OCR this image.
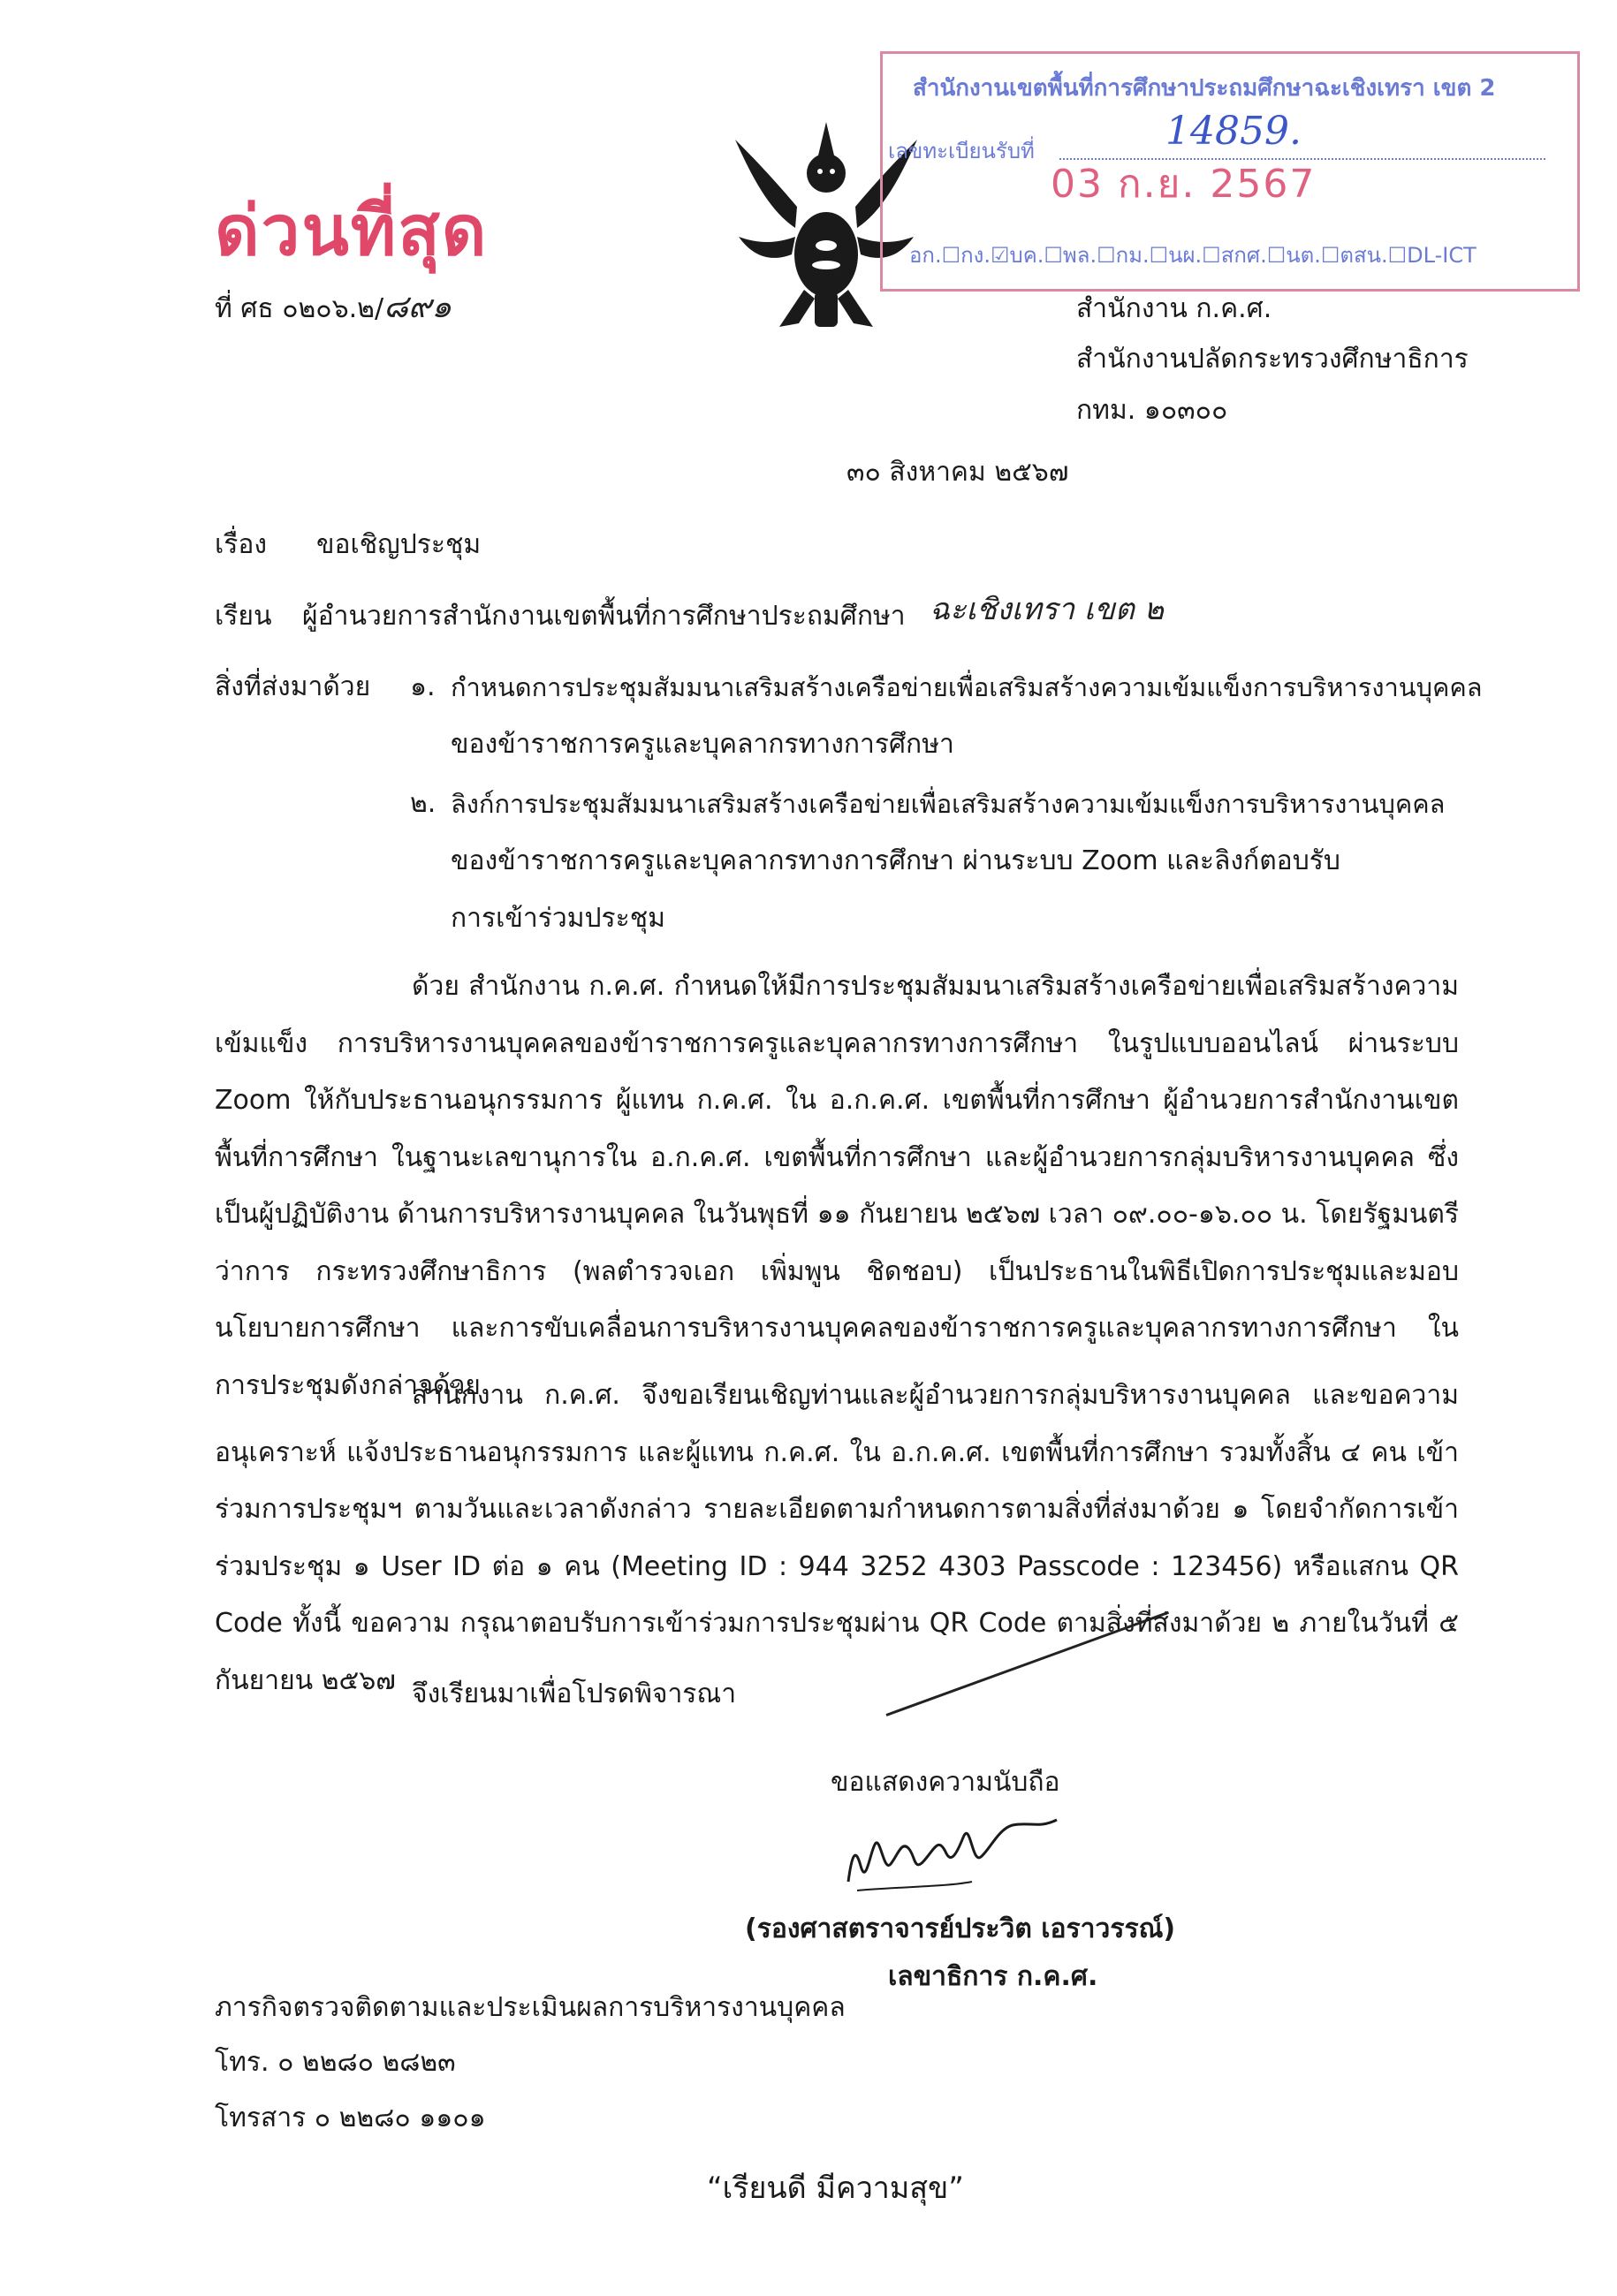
ด่วนที่สุด
ที่ ศธ ๐๒๐๖.๒/๘๙๑
สำนักงานเขตพื้นที่การศึกษาประถมศึกษาฉะเชิงเทรา เขต 2
เลขทะเบียนรับที่	14859.
03 ก.ย. 2567
อก.☐กง.☑บค.☐พล.☐กม.☐นผ.☐สกศ.☐นต.☐ตสน.☐DL-ICT
สำนักงาน ก.ค.ศ.
สำนักงานปลัดกระทรวงศึกษาธิการ
กทม. ๑๐๓๐๐
๓๐ สิงหาคม ๒๕๖๗
เรื่อง ขอเชิญประชุม
เรียน ผู้อำนวยการสำนักงานเขตพื้นที่การศึกษาประถมศึกษา ฉะเชิงเทรา เขต ๒
สิ่งที่ส่งมาด้วย ๑. กำหนดการประชุมสัมมนาเสริมสร้างเครือข่ายเพื่อเสริมสร้างความเข้มแข็งการบริหารงานบุคคล
ของข้าราชการครูและบุคลากรทางการศึกษา
๒. ลิงก์การประชุมสัมมนาเสริมสร้างเครือข่ายเพื่อเสริมสร้างความเข้มแข็งการบริหารงานบุคคล
ของข้าราชการครูและบุคลากรทางการศึกษา ผ่านระบบ Zoom และลิงก์ตอบรับ
การเข้าร่วมประชุม
ด้วย สำนักงาน ก.ค.ศ. กำหนดให้มีการประชุมสัมมนาเสริมสร้างเครือข่ายเพื่อเสริมสร้างความเข้มแข็ง การบริหารงานบุคคลของข้าราชการครูและบุคลากรทางการศึกษา ในรูปแบบออนไลน์ ผ่านระบบ Zoom ให้กับประธานอนุกรรมการ ผู้แทน ก.ค.ศ. ใน อ.ก.ค.ศ. เขตพื้นที่การศึกษา ผู้อำนวยการสำนักงานเขตพื้นที่การศึกษา ในฐานะเลขานุการใน อ.ก.ค.ศ. เขตพื้นที่การศึกษา และผู้อำนวยการกลุ่มบริหารงานบุคคล ซึ่งเป็นผู้ปฏิบัติงาน ด้านการบริหารงานบุคคล ในวันพุธที่ ๑๑ กันยายน ๒๕๖๗ เวลา ๐๙.๐๐-๑๖.๐๐ น. โดยรัฐมนตรีว่าการ กระทรวงศึกษาธิการ (พลตำรวจเอก เพิ่มพูน ชิดชอบ) เป็นประธานในพิธีเปิดการประชุมและมอบนโยบายการศึกษา และการขับเคลื่อนการบริหารงานบุคคลของข้าราชการครูและบุคลากรทางการศึกษา ในการประชุมดังกล่าวด้วย
สำนักงาน ก.ค.ศ. จึงขอเรียนเชิญท่านและผู้อำนวยการกลุ่มบริหารงานบุคคล และขอความอนุเคราะห์ แจ้งประธานอนุกรรมการ และผู้แทน ก.ค.ศ. ใน อ.ก.ค.ศ. เขตพื้นที่การศึกษา รวมทั้งสิ้น ๔ คน เข้าร่วมการประชุมฯ ตามวันและเวลาดังกล่าว รายละเอียดตามกำหนดการตามสิ่งที่ส่งมาด้วย ๑ โดยจำกัดการเข้าร่วมประชุม ๑ User ID ต่อ ๑ คน (Meeting ID : 944 3252 4303 Passcode : 123456) หรือแสกน QR Code ทั้งนี้ ขอความ กรุณาตอบรับการเข้าร่วมการประชุมผ่าน QR Code ตามสิ่งที่ส่งมาด้วย ๒ ภายในวันที่ ๕ กันยายน ๒๕๖๗ จึงเรียนมาเพื่อโปรดพิจารณา
ขอแสดงความนับถือ
(รองศาสตราจารย์ประวิต เอราวรรณ์)
เลขาธิการ ก.ค.ศ.
ภารกิจตรวจติดตามและประเมินผลการบริหารงานบุคคล
โทร. ๐ ๒๒๘๐ ๒๘๒๓
โทรสาร ๐ ๒๒๘๐ ๑๑๐๑
“เรียนดี มีความสุข”
